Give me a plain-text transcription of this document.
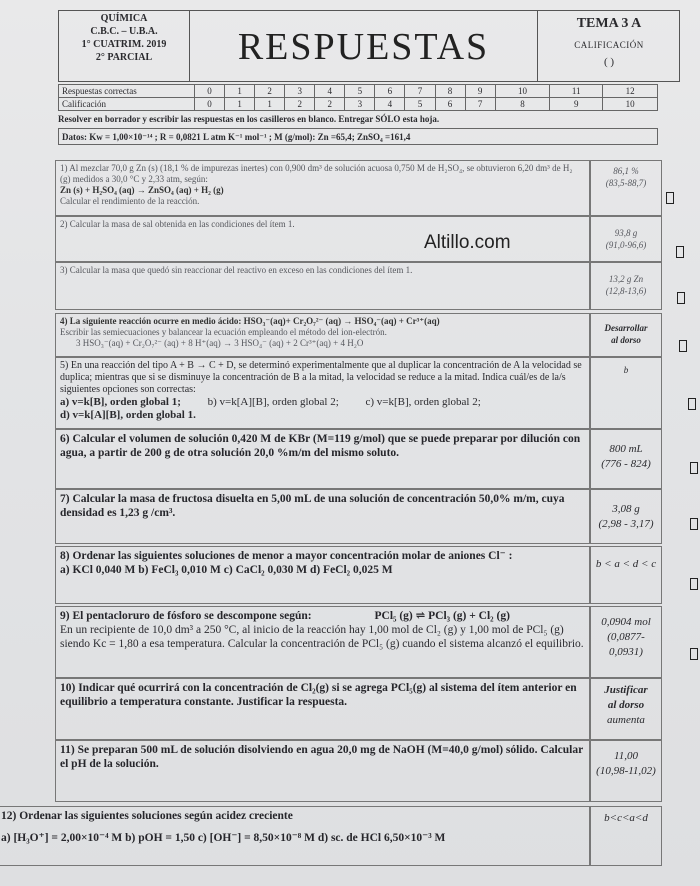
QUÍMICA
C.B.C. – U.B.A.
1° CUATRIM. 2019
2° PARCIAL	RESPUESTAS
TEMA 3 A
CALIFICACIÓN
( )
Respuestas correctas	0	1	2	3	4	5	6	7	8	9	10	11	12
Calificación	0	1	1	2	2	3	4	5	6	7	8	9	10
Resolver en borrador y escribir las respuestas en los casilleros en blanco. Entregar SÓLO esta hoja.
Datos: Kw = 1,00×10⁻¹⁴ ; R = 0,0821 L atm K⁻¹ mol⁻¹ ; M (g/mol): Zn =65,4; ZnSO₄ =161,4
1) Al mezclar 70,0 g Zn (s) (18,1 % de impurezas inertes) con 0,900 dm³ de solución acuosa 0,750 M de H₂SO₄, se obtuvieron 6,20 dm³ de H₂ (g) medidos a 30,0 °C y 2,33 atm, según:
Zn (s) + H₂SO₄ (aq) → ZnSO₄ (aq) + H₂ (g)
Calcular el rendimiento de la reacción.
86,1 %
(83,5-88,7)
2) Calcular la masa de sal obtenida en las condiciones del ítem 1.
93,8 g
(91,0-96,6)
Altillo.com
3) Calcular la masa que quedó sin reaccionar del reactivo en exceso en las condiciones del ítem 1.
13,2 g Zn
(12,8-13,6)
4) La siguiente reacción ocurre en medio ácido: HSO₃⁻(aq)+ Cr₂O₇²⁻ (aq) → HSO₄⁻(aq) + Cr³⁺(aq)
Escribir las semiecuaciones y balancear la ecuación empleando el método del ion-electrón.
3 HSO₃⁻(aq) + Cr₂O₇²⁻ (aq) + 8 H⁺(aq) → 3 HSO₄⁻ (aq) + 2 Cr³⁺(aq) + 4 H₂O
Desarrollar
al dorso
5) En una reacción del tipo A + B → C + D, se determinó experimentalmente que al duplicar la concentración de A la velocidad se duplica; mientras que si se disminuye la concentración de B a la mitad, la velocidad se reduce a la mitad. Indica cuál/es de la/s siguientes opciones son correctas:
a) v=k[B], orden global 1; b) v=k[A][B], orden global 2; c) v=k[B], orden global 2;
d) v=k[A][B], orden global 1.
b
6) Calcular el volumen de solución 0,420 M de KBr (M=119 g/mol) que se puede preparar por dilución con agua, a partir de 200 g de otra solución 20,0 %m/m del mismo soluto.	800 mL
(776 - 824)
7) Calcular la masa de fructosa disuelta en 5,00 mL de una solución de concentración 50,0% m/m, cuya densidad es 1,23 g /cm³.	3,08 g
(2,98 - 3,17)
8) Ordenar las siguientes soluciones de menor a mayor concentración molar de aniones Cl⁻ :
a) KCl 0,040 M b) FeCl₃ 0,010 M c) CaCl₂ 0,030 M d) FeCl₂ 0,025 M	b < a < d < c
9) El pentacloruro de fósforo se descompone según:	PCl₅ (g) ⇌ PCl₃ (g) + Cl₂ (g)
En un recipiente de 10,0 dm³ a 250 °C, al inicio de la reacción hay 1,00 mol de Cl₂ (g) y 1,00 mol de PCl₅ (g) siendo Kc = 1,80 a esa temperatura. Calcular la concentración de PCl₅ (g) cuando el sistema alcanzó el equilibrio.
0,0904 mol
(0,0877-0,0931)
10) Indicar qué ocurrirá con la concentración de Cl₂(g) si se agrega PCl₅(g) al sistema del ítem anterior en equilibrio a temperatura constante. Justificar la respuesta.
Justificar
al dorso
aumenta
11) Se preparan 500 mL de solución disolviendo en agua 20,0 mg de NaOH (M=40,0 g/mol) sólido. Calcular el pH de la solución.
11,00
(10,98-11,02)
12) Ordenar las siguientes soluciones según acidez creciente
a) [H₃O⁺] = 2,00×10⁻⁴ M b) pOH = 1,50 c) [OH⁻] = 8,50×10⁻⁸ M d) sc. de HCl 6,50×10⁻³ M
b<c<a<d
